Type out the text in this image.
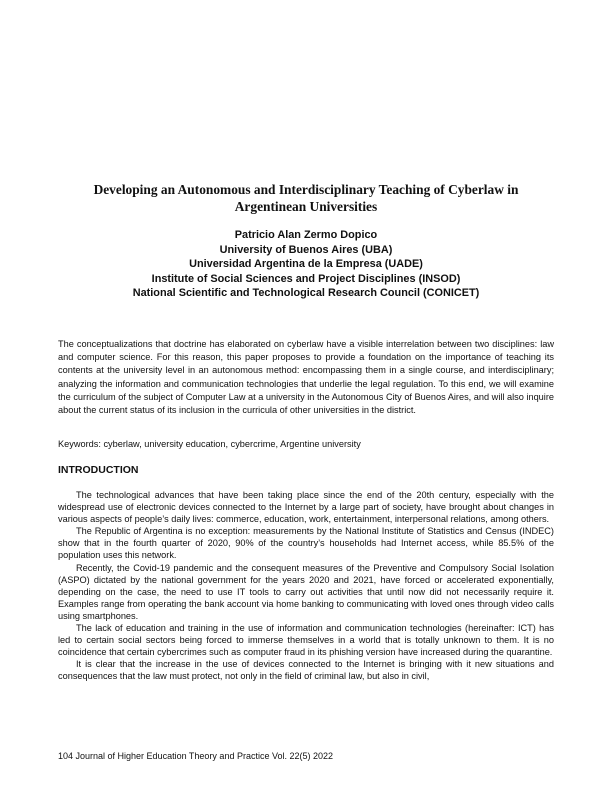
Developing an Autonomous and Interdisciplinary Teaching of Cyberlaw in
Argentinean Universities
Patricio Alan Zermo Dopico
University of Buenos Aires (UBA)
Universidad Argentina de la Empresa (UADE)
Institute of Social Sciences and Project Disciplines (INSOD)
National Scientific and Technological Research Council (CONICET)

The conceptualizations that doctrine has elaborated on cyberlaw have a visible interrelation between two disciplines: law and computer science. For this reason, this paper proposes to provide a foundation on the importance of teaching its contents at the university level in an autonomous method: encompassing them in a single course, and interdisciplinary; analyzing the information and communication technologies that underlie the legal regulation. To this end, we will examine the curriculum of the subject of Computer Law at a university in the Autonomous City of Buenos Aires, and will also inquire about the current status of its inclusion in the curricula of other universities in the district.

Keywords: cyberlaw, university education, cybercrime, Argentine university

INTRODUCTION

The technological advances that have been taking place since the end of the 20th century, especially with the widespread use of electronic devices connected to the Internet by a large part of society, have brought about changes in various aspects of people’s daily lives: commerce, education, work, entertainment, interpersonal relations, among others.

The Republic of Argentina is no exception: measurements by the National Institute of Statistics and Census (INDEC) show that in the fourth quarter of 2020, 90% of the country’s households had Internet access, while 85.5% of the population uses this network.

Recently, the Covid-19 pandemic and the consequent measures of the Preventive and Compulsory Social Isolation (ASPO) dictated by the national government for the years 2020 and 2021, have forced or accelerated exponentially, depending on the case, the need to use IT tools to carry out activities that until now did not necessarily require it. Examples range from operating the bank account via home banking to communicating with loved ones through video calls using smartphones.

The lack of education and training in the use of information and communication technologies (hereinafter: ICT) has led to certain social sectors being forced to immerse themselves in a world that is totally unknown to them. It is no coincidence that certain cybercrimes such as computer fraud in its phishing version have increased during the quarantine.

It is clear that the increase in the use of devices connected to the Internet is bringing with it new situations and consequences that the law must protect, not only in the field of criminal law, but also in civil,

104 Journal of Higher Education Theory and Practice Vol. 22(5) 2022
